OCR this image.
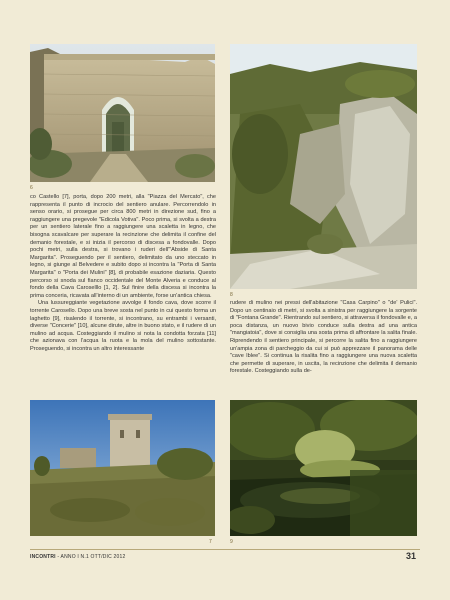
6
8

co Castello [7], porta, dopo 200 metri, alla "Piazza del Mercato", che rappresenta il punto di incrocio del sentiero anulare. Percorrendolo in senso orario, si prosegue per circa 800 metri in direzione sud, fino a raggiungere una pregevole "Edicola Votiva". Poco prima, si svolta a destra per un sentiero laterale fino a raggiungere una scaletta in legno, che bisogna scavalcare per superare la recinzione che delimita il confine del demanio forestale, e si inizia il percorso di discesa a fondovalle. Dopo pochi metri, sulla destra, si trovano i ruderi dell'"Abside di Santa Margarita". Proseguendo per il sentiero, delimitato da uno steccato in legno, si giunge al Belvedere e subito dopo si incontra la "Porta di Santa Margarita" o "Porta dei Mulini" [8], di probabile esazione daziaria. Questo percorso si snoda sul fianco occidentale del Monte Alveria e conduce al fondo della Cava Caroselllo [1, 2]. Sul finire della discesa si incontra la prima conceria, ricavata all'interno di un ambiente, forse un'antica chiesa.

Una lussureggiante vegetazione avvolge il fondo cava, dove scorre il torrente Carosello. Dopo una breve sosta nel punto in cui questo forma un laghetto [9], risalendo il torrente, si incontrano, su entrambi i versanti, diverse "Concerie" [10], alcune dirute, altre in buono stato, e il rudere di un mulino ad acqua. Costeggiando il mulino si nota la condotta forzata [11] che azionava con l'acqua la ruota e la mola del mulino sottostante. Proseguendo, si incontra un altro interessante

rudere di mulino nei pressi dell'abitazione "Casa Carpino" o "de' Pulici". Dopo un centinaio di metri, si svolta a sinistra per raggiungere la sorgente di "Fontana Grande". Rientrando sul sentiero, si attraversa il fondovalle e, a poca distanza, un nuovo bivio conduce sulla destra ad una antica "mangiatoia", dove si consiglia una sosta prima di affrontare la salita finale. Riprendendo il sentiero principale, si percorre la salita fino a raggiungere un'ampia zona di parcheggio da cui si può apprezzare il panorama delle "cave Iblee". Si continua la risalita fino a raggiungere una nuova scaletta che permette di superare, in uscita, la recinzione che delimita il demanio forestale. Costeggiando sulla de-

7	9
INCONTRI - ANNO I N.1 OTT/DIC 2012	31
